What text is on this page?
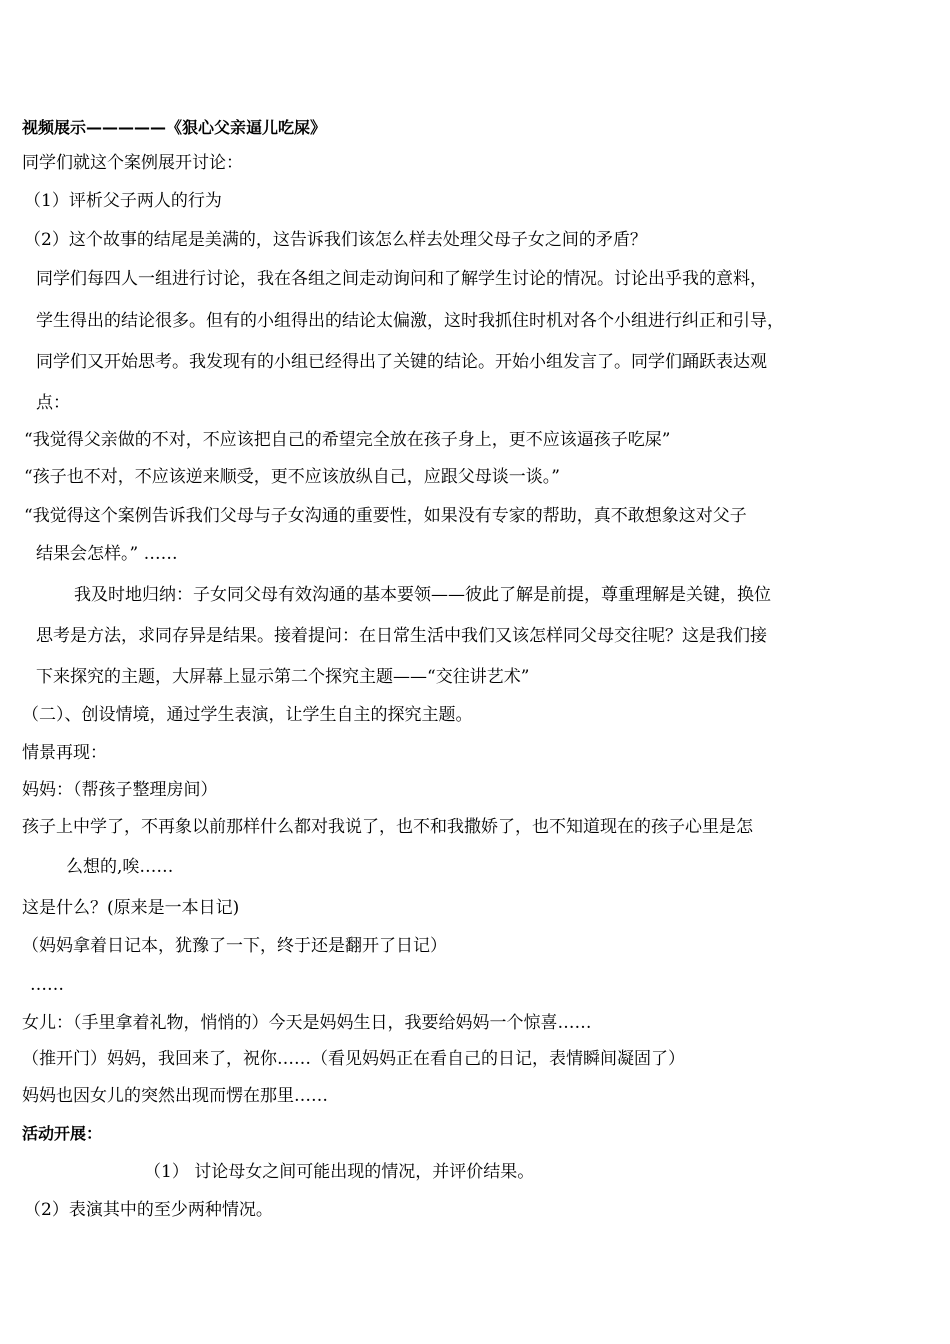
视频展示—————《狠心父亲逼儿吃屎》

同学们就这个案例展开讨论：

（1）评析父子两人的行为

（2）这个故事的结尾是美满的，这告诉我们该怎么样去处理父母子女之间的矛盾？

同学们每四人一组进行讨论，我在各组之间走动询问和了解学生讨论的情况。讨论出乎我的意料，

学生得出的结论很多。但有的小组得出的结论太偏激，这时我抓住时机对各个小组进行纠正和引导，

同学们又开始思考。我发现有的小组已经得出了关键的结论。开始小组发言了。同学们踊跃表达观

点：

“我觉得父亲做的不对，不应该把自己的希望完全放在孩子身上，更不应该逼孩子吃屎”

“孩子也不对，不应该逆来顺受，更不应该放纵自己，应跟父母谈一谈。”

“我觉得这个案例告诉我们父母与子女沟通的重要性，如果没有专家的帮助，真不敢想象这对父子

结果会怎样。” ……

我及时地归纳：子女同父母有效沟通的基本要领——彼此了解是前提，尊重理解是关键，换位

思考是方法，求同存异是结果。接着提问：在日常生活中我们又该怎样同父母交往呢？这是我们接

下来探究的主题，大屏幕上显示第二个探究主题——“交往讲艺术”

（二）、创设情境，通过学生表演，让学生自主的探究主题。

情景再现：

妈妈：（帮孩子整理房间）

孩子上中学了，不再象以前那样什么都对我说了，也不和我撒娇了，也不知道现在的孩子心里是怎

么想的,唉……

这是什么？(原来是一本日记)

（妈妈拿着日记本，犹豫了一下，终于还是翻开了日记）

……

女儿：（手里拿着礼物，悄悄的）今天是妈妈生日，我要给妈妈一个惊喜……

（推开门）妈妈，我回来了，祝你……（看见妈妈正在看自己的日记，表情瞬间凝固了）

妈妈也因女儿的突然出现而愣在那里……

活动开展：

（1） 讨论母女之间可能出现的情况，并评价结果。

（2）表演其中的至少两种情况。
